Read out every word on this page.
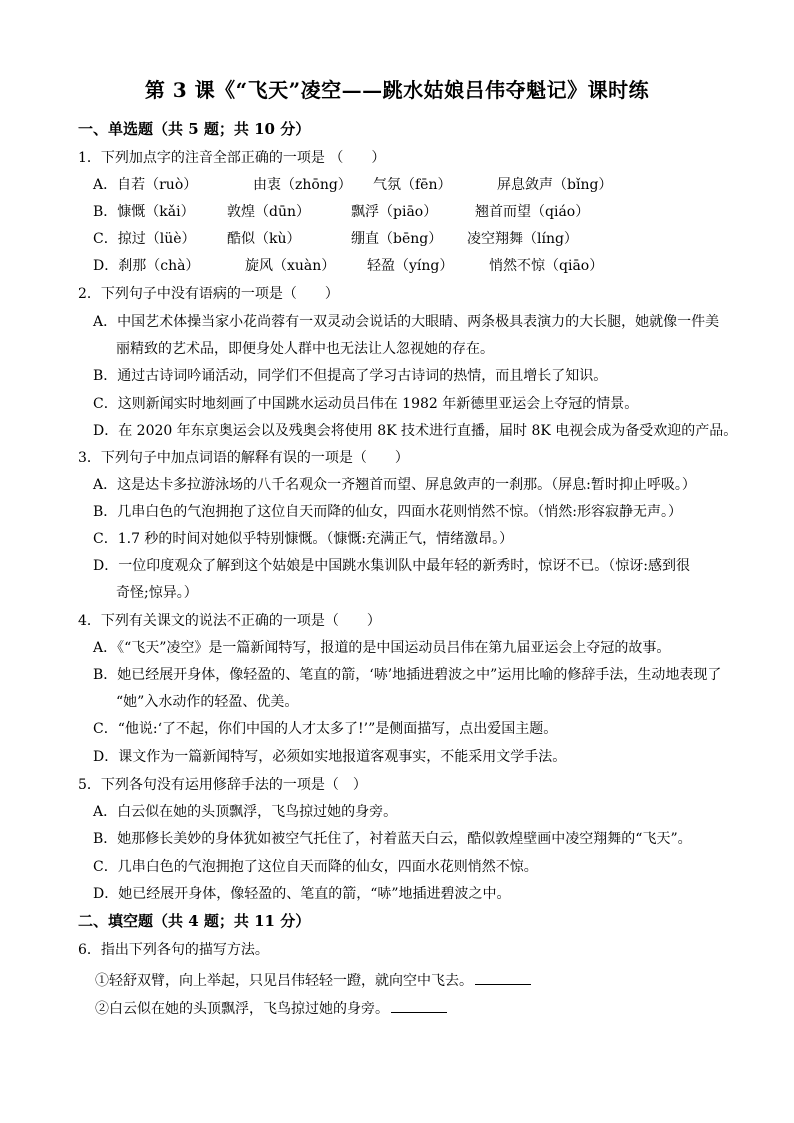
第 3 课《“飞天”凌空——跳水姑娘吕伟夺魁记》课时练
一、单选题（共 5 题；共 10 分）
1．下列加点字的注音全部正确的一项是 （　　）
A．自若（ruò）	由衷（zhōng）	气氛（fēn）	屏息敛声（bǐng）
B．慷慨（kǎi）	敦煌（dūn）	飘浮（piāo）	翘首而望（qiáo）
C．掠过（lüè）	酷似（kù）	绷直（bēng）	凌空翔舞（líng）
D．刹那（chà）	旋风（xuàn）	轻盈（yíng）	悄然不惊（qiāo）
2．下列句子中没有语病的一项是（　　）
A．中国艺术体操当家小花尚蓉有一双灵动会说话的大眼睛、两条极具表演力的大长腿，她就像一件美
丽精致的艺术品，即便身处人群中也无法让人忽视她的存在。
B．通过古诗词吟诵活动，同学们不但提高了学习古诗词的热情，而且增长了知识。
C．这则新闻实时地刻画了中国跳水运动员吕伟在 1982 年新德里亚运会上夺冠的情景。
D．在 2020 年东京奥运会以及残奥会将使用 8K 技术进行直播，届时 8K 电视会成为备受欢迎的产品。
3．下列句子中加点词语的解释有误的一项是（　　）
A．这是达卡多拉游泳场的八千名观众一齐翘首而望、屏息敛声的一刹那。（屏息:暂时抑止呼吸。）
B．几串白色的气泡拥抱了这位自天而降的仙女，四面水花则悄然不惊。（悄然:形容寂静无声。）
C．1.7 秒的时间对她似乎特别慷慨。（慷慨:充满正气，情绪激昂。）
D．一位印度观众了解到这个姑娘是中国跳水集训队中最年轻的新秀时，惊讶不已。（惊讶:感到很
奇怪;惊异。）
4．下列有关课文的说法不正确的一项是（　　）
A．《“飞天”凌空》是一篇新闻特写，报道的是中国运动员吕伟在第九届亚运会上夺冠的故事。
B．她已经展开身体，像轻盈的、笔直的箭，‘哧’地插进碧波之中”运用比喻的修辞手法，生动地表现了
“她”入水动作的轻盈、优美。
C．“他说:‘了不起，你们中国的人才太多了!’”是侧面描写，点出爱国主题。
D．课文作为一篇新闻特写，必须如实地报道客观事实，不能采用文学手法。
5．下列各句没有运用修辞手法的一项是（　）
A．白云似在她的头顶飘浮，飞鸟掠过她的身旁。
B．她那修长美妙的身体犹如被空气托住了，衬着蓝天白云，酷似敦煌壁画中凌空翔舞的“飞天”。
C．几串白色的气泡拥抱了这位自天而降的仙女，四面水花则悄然不惊。
D．她已经展开身体，像轻盈的、笔直的箭，“哧”地插进碧波之中。
二、填空题（共 4 题；共 11 分）
6．指出下列各句的描写方法。
①轻舒双臂，向上举起，只见吕伟轻轻一蹬，就向空中飞去。
②白云似在她的头顶飘浮，飞鸟掠过她的身旁。
